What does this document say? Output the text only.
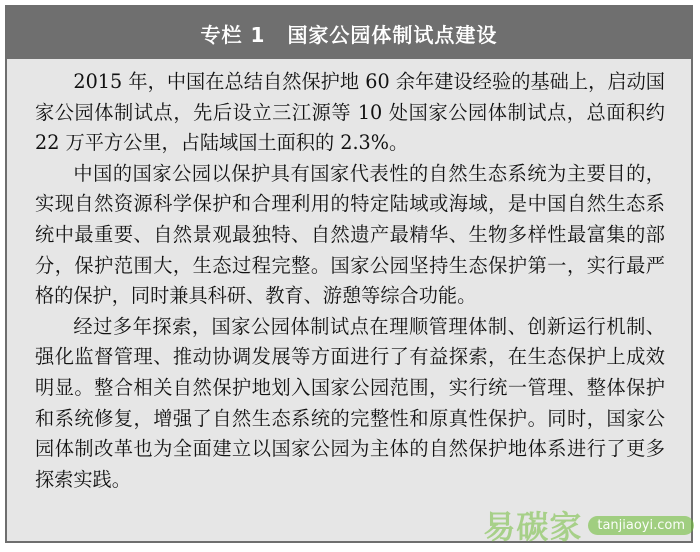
专栏 1 国家公园体制试点建设

2015 年，中国在总结自然保护地 60 余年建设经验的基础上，启动国家公园体制试点，先后设立三江源等 10 处国家公园体制试点，总面积约 22 万平方公里，占陆域国土面积的 2.3%。

中国的国家公园以保护具有国家代表性的自然生态系统为主要目的，实现自然资源科学保护和合理利用的特定陆域或海域，是中国自然生态系统中最重要、自然景观最独特、自然遗产最精华、生物多样性最富集的部分，保护范围大，生态过程完整。国家公园坚持生态保护第一，实行最严格的保护，同时兼具科研、教育、游憩等综合功能。

经过多年探索，国家公园体制试点在理顺管理体制、创新运行机制、强化监督管理、推动协调发展等方面进行了有益探索，在生态保护上成效明显。整合相关自然保护地划入国家公园范围，实行统一管理、整体保护和系统修复，增强了自然生态系统的完整性和原真性保护。同时，国家公园体制改革也为全面建立以国家公园为主体的自然保护地体系进行了更多探索实践。

易碳家	tanjiaoyi.com
